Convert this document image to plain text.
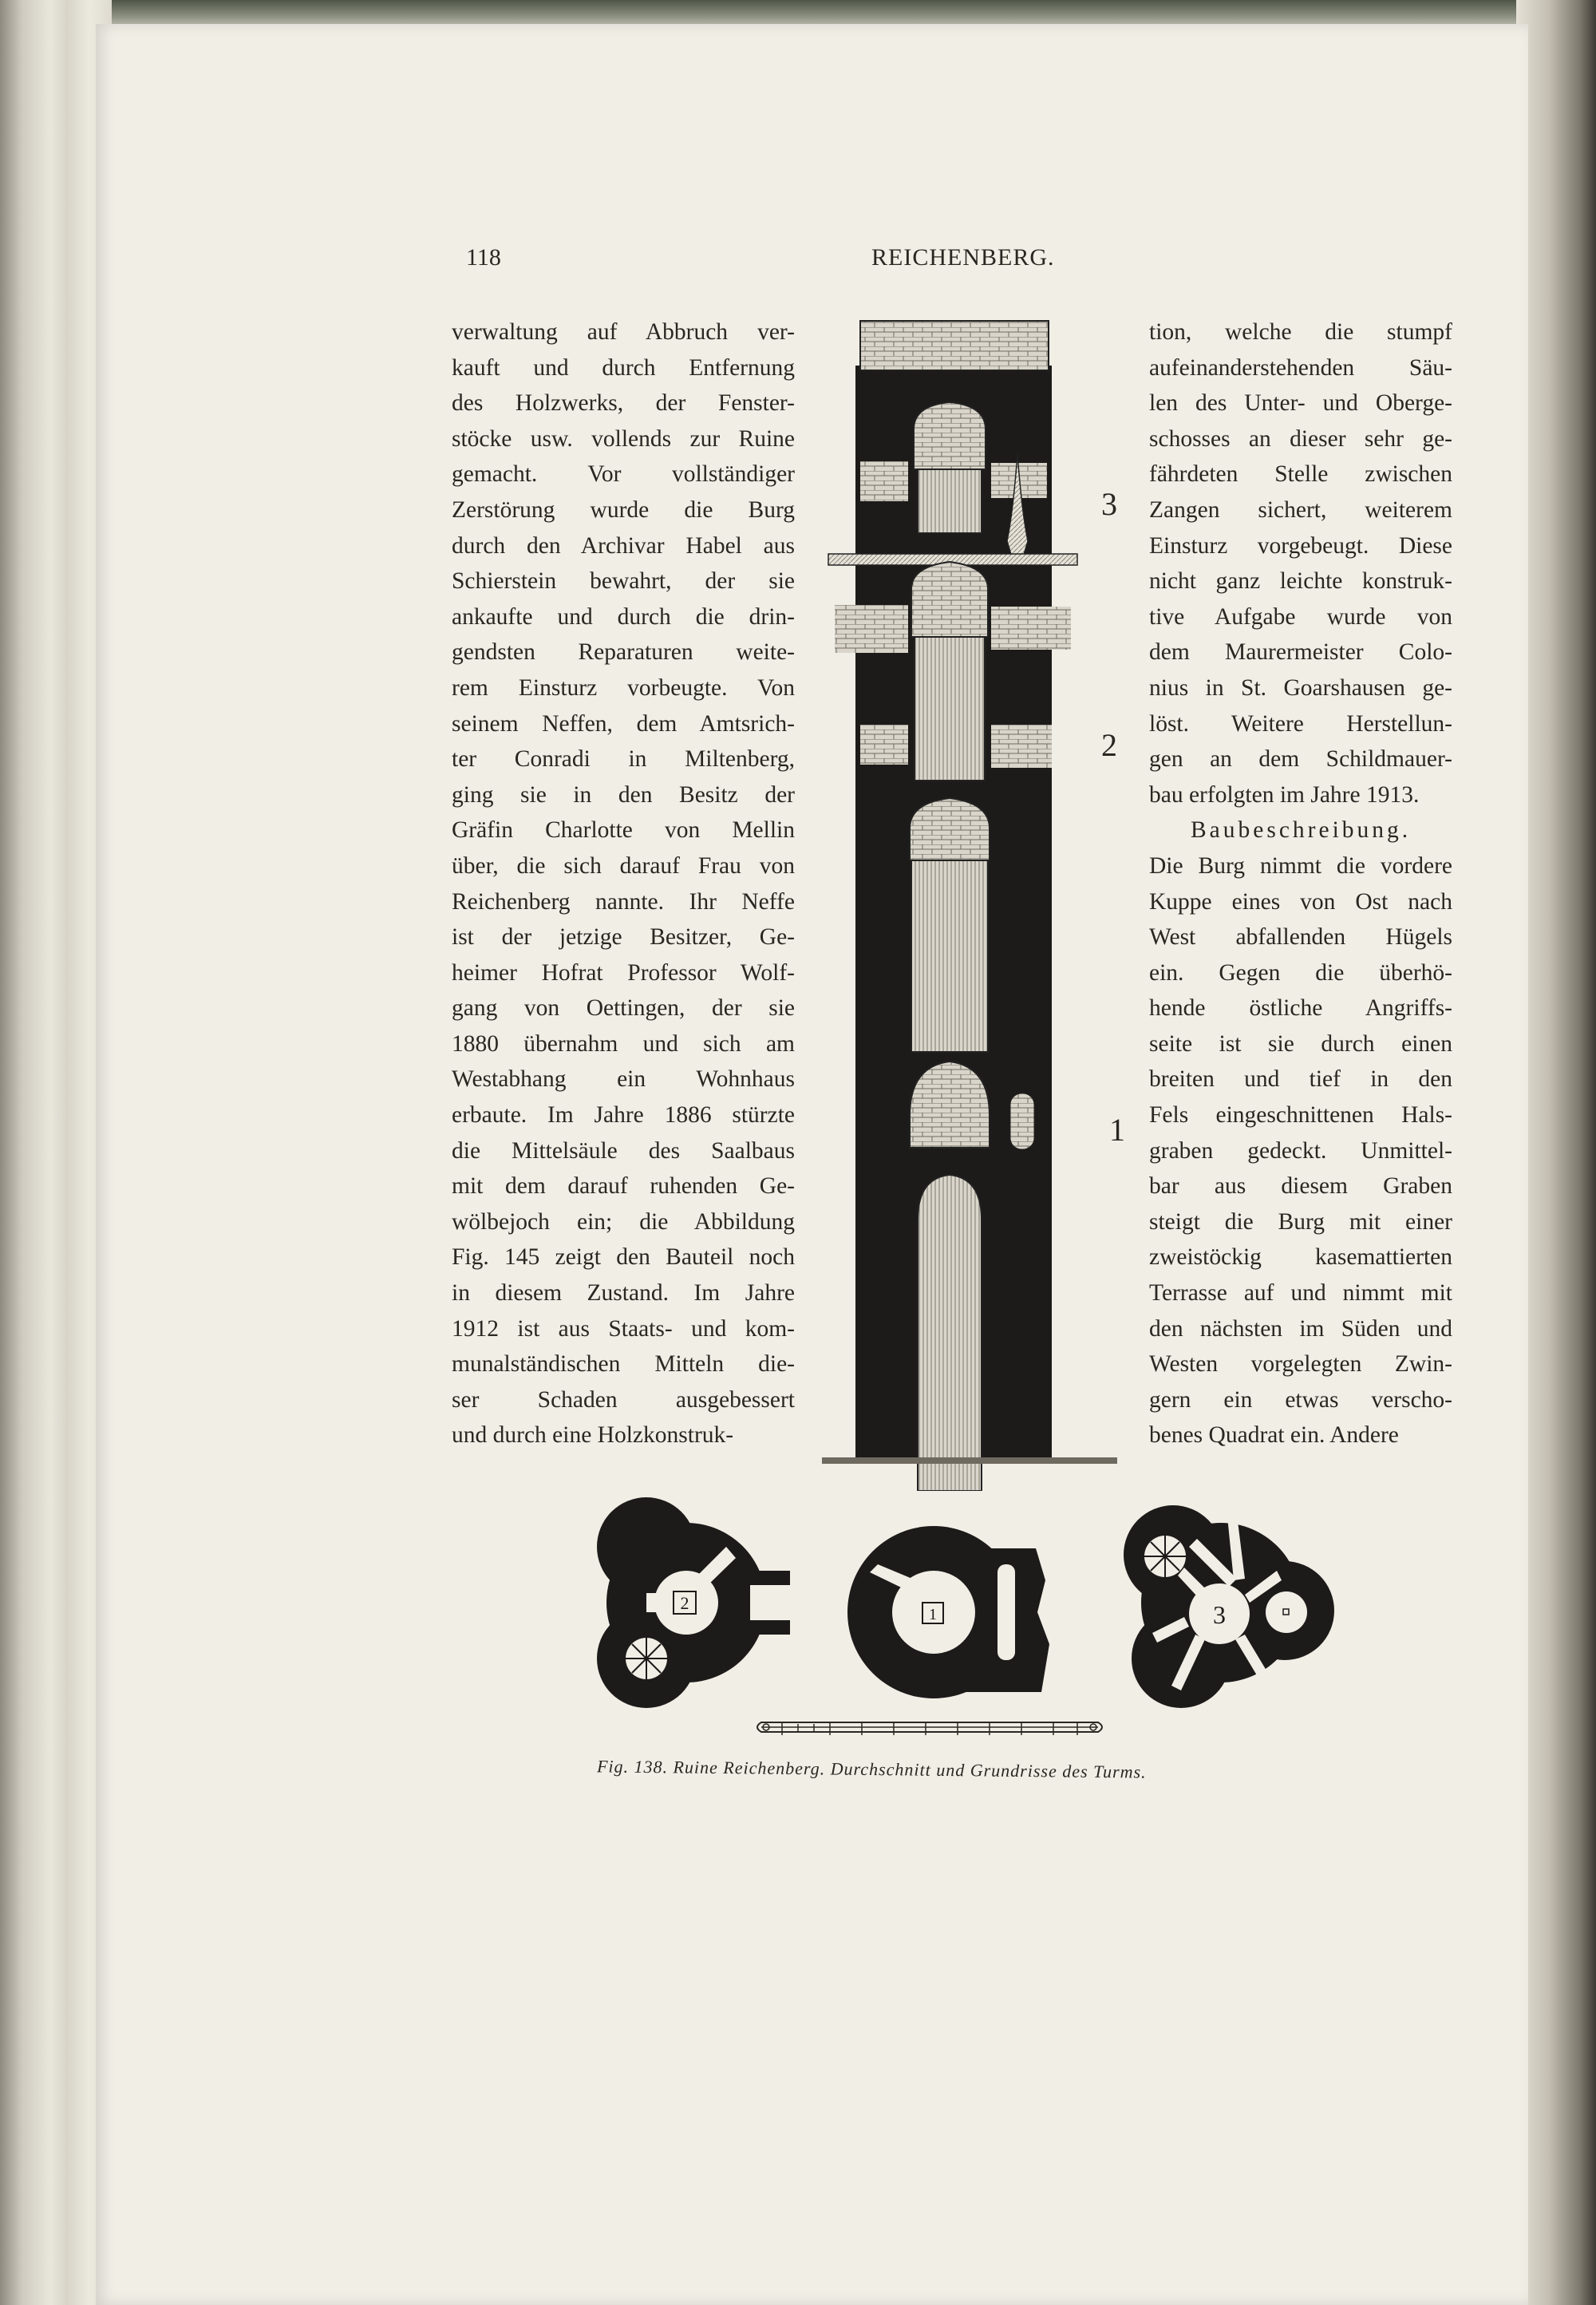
118	REICHENBERG.
verwaltung auf Abbruch ver-
kauft und durch Entfernung
des Holzwerks, der Fenster-
stöcke usw. vollends zur Ruine
gemacht. Vor vollständiger
Zerstörung wurde die Burg
durch den Archivar Habel aus
Schierstein bewahrt, der sie
ankaufte und durch die drin-
gendsten Reparaturen weite-
rem Einsturz vorbeugte. Von
seinem Neffen, dem Amtsrich-
ter Conradi in Miltenberg,
ging sie in den Besitz der
Gräfin Charlotte von Mellin
über, die sich darauf Frau von
Reichenberg nannte. Ihr Neffe
ist der jetzige Besitzer, Ge-
heimer Hofrat Professor Wolf-
gang von Oettingen, der sie
1880 übernahm und sich am
Westabhang ein Wohnhaus
erbaute. Im Jahre 1886 stürzte
die Mittelsäule des Saalbaus
mit dem darauf ruhenden Ge-
wölbejoch ein; die Abbildung
Fig. 145 zeigt den Bauteil noch
in diesem Zustand. Im Jahre
1912 ist aus Staats- und kom-
munalständischen Mitteln die-
ser Schaden ausgebessert
und durch eine Holzkonstruk-
tion, welche die stumpf
aufeinanderstehenden Säu-
len des Unter- und Oberge-
schosses an dieser sehr ge-
fährdeten Stelle zwischen
Zangen sichert, weiterem
Einsturz vorgebeugt. Diese
nicht ganz leichte konstruk-
tive Aufgabe wurde von
dem Maurermeister Colo-
nius in St. Goarshausen ge-
löst. Weitere Herstellun-
gen an dem Schildmauer-
bau erfolgten im Jahre 1913.
Baubeschreibung.
Die Burg nimmt die vordere
Kuppe eines von Ost nach
West abfallenden Hügels
ein. Gegen die überhö-
hende östliche Angriffs-
seite ist sie durch einen
breiten und tief in den
Fels eingeschnittenen Hals-
graben gedeckt. Unmittel-
bar aus diesem Graben
steigt die Burg mit einer
zweistöckig kasemattierten
Terrasse auf und nimmt mit
den nächsten im Süden und
Westen vorgelegten Zwin-
gern ein etwas verscho-
benes Quadrat ein. Andere
3
2
1
2
1	3
Fig. 138. Ruine Reichenberg. Durchschnitt und Grundrisse des Turms.
